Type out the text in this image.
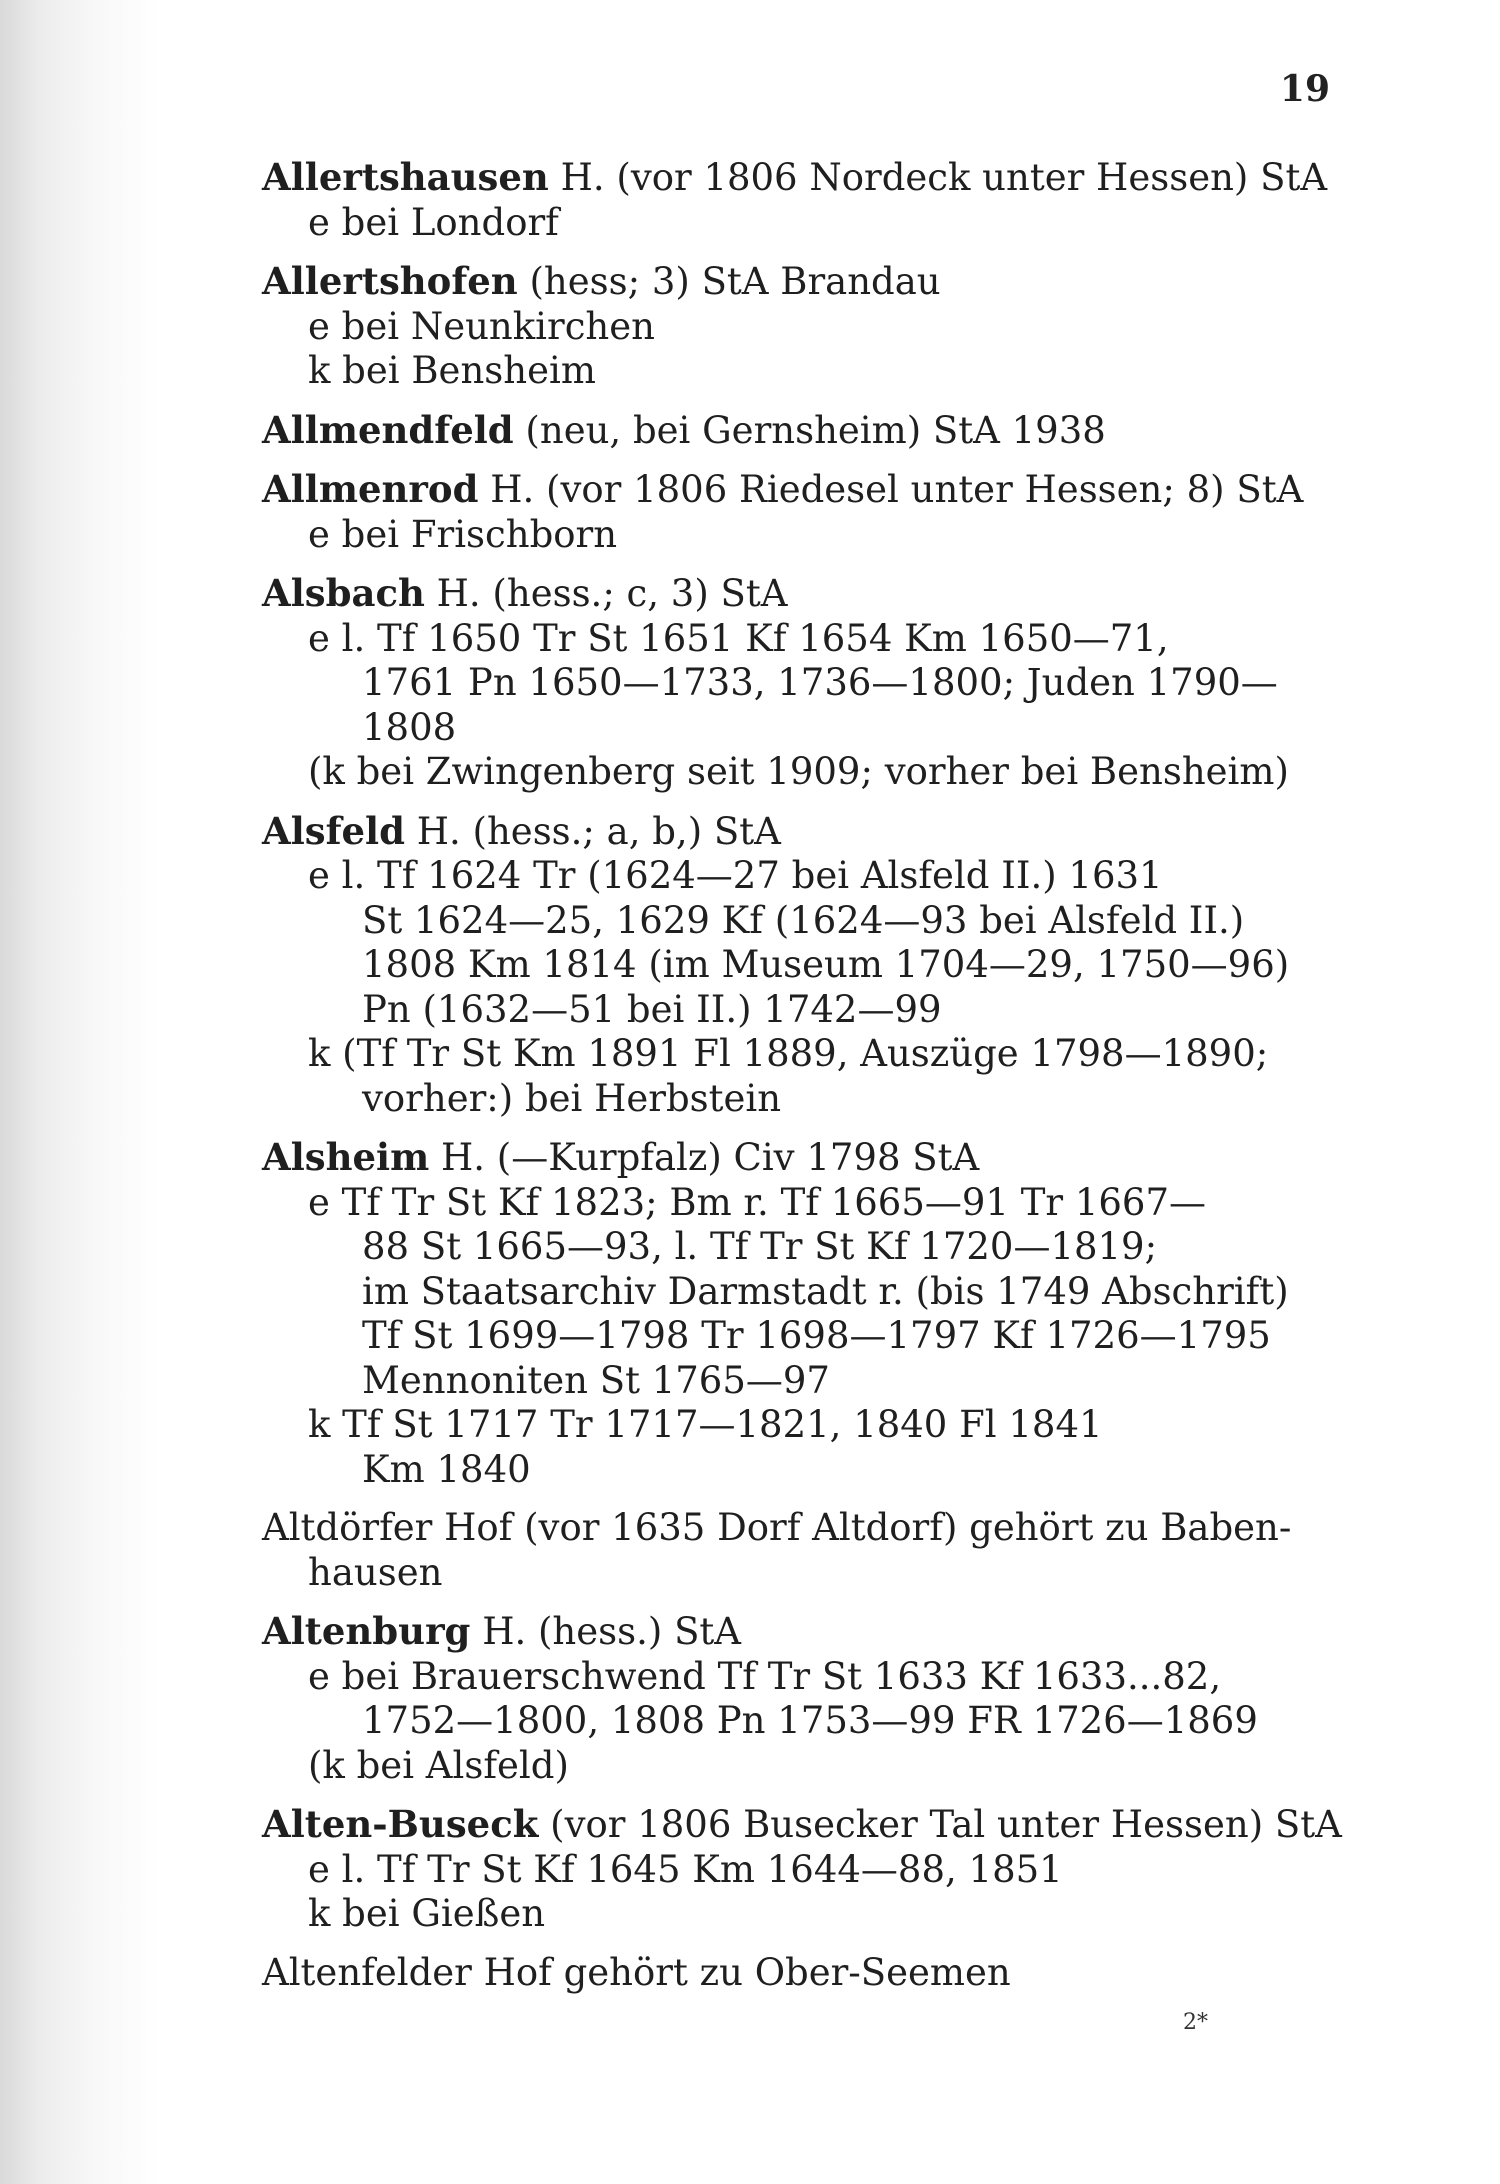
19
Allertshausen H. (vor 1806 Nordeck unter Hessen) StA
e bei Londorf
Allertshofen (hess; 3) StA Brandau
e bei Neunkirchen
k bei Bensheim
Allmendfeld (neu, bei Gernsheim) StA 1938
Allmenrod H. (vor 1806 Riedesel unter Hessen; 8) StA
e bei Frischborn
Alsbach H. (hess.; c, 3) StA
e l. Tf 1650 Tr St 1651 Kf 1654 Km 1650—71,
1761 Pn 1650—1733, 1736—1800; Juden 1790—
1808
(k bei Zwingenberg seit 1909; vorher bei Bensheim)
Alsfeld H. (hess.; a, b,) StA
e l. Tf 1624 Tr (1624—27 bei Alsfeld II.) 1631
St 1624—25, 1629 Kf (1624—93 bei Alsfeld II.)
1808 Km 1814 (im Museum 1704—29, 1750—96)
Pn (1632—51 bei II.) 1742—99
k (Tf Tr St Km 1891 Fl 1889, Auszüge 1798—1890;
vorher:) bei Herbstein
Alsheim H. (—Kurpfalz) Civ 1798 StA
e Tf Tr St Kf 1823; Bm r. Tf 1665—91 Tr 1667—
88 St 1665—93, l. Tf Tr St Kf 1720—1819;
im Staatsarchiv Darmstadt r. (bis 1749 Abschrift)
Tf St 1699—1798 Tr 1698—1797 Kf 1726—1795
Mennoniten St 1765—97
k Tf St 1717 Tr 1717—1821, 1840 Fl 1841
Km 1840
Altdörfer Hof (vor 1635 Dorf Altdorf) gehört zu Baben-
hausen
Altenburg H. (hess.) StA
e bei Brauerschwend Tf Tr St 1633 Kf 1633...82,
1752—1800, 1808 Pn 1753—99 FR 1726—1869
(k bei Alsfeld)
Alten-Buseck (vor 1806 Busecker Tal unter Hessen) StA
e l. Tf Tr St Kf 1645 Km 1644—88, 1851
k bei Gießen
Altenfelder Hof gehört zu Ober-Seemen
2*
